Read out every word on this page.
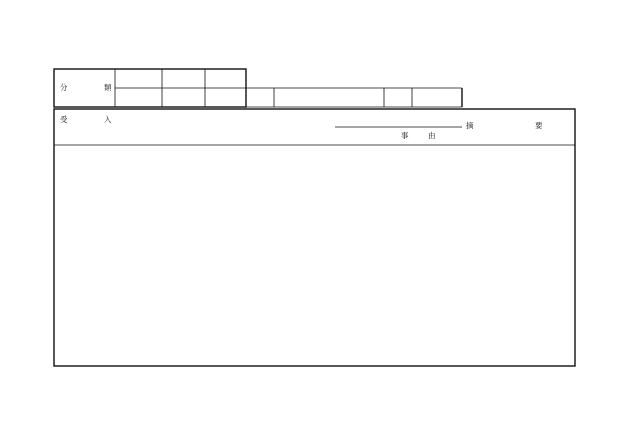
分	類
受	入
事	由
摘	要
